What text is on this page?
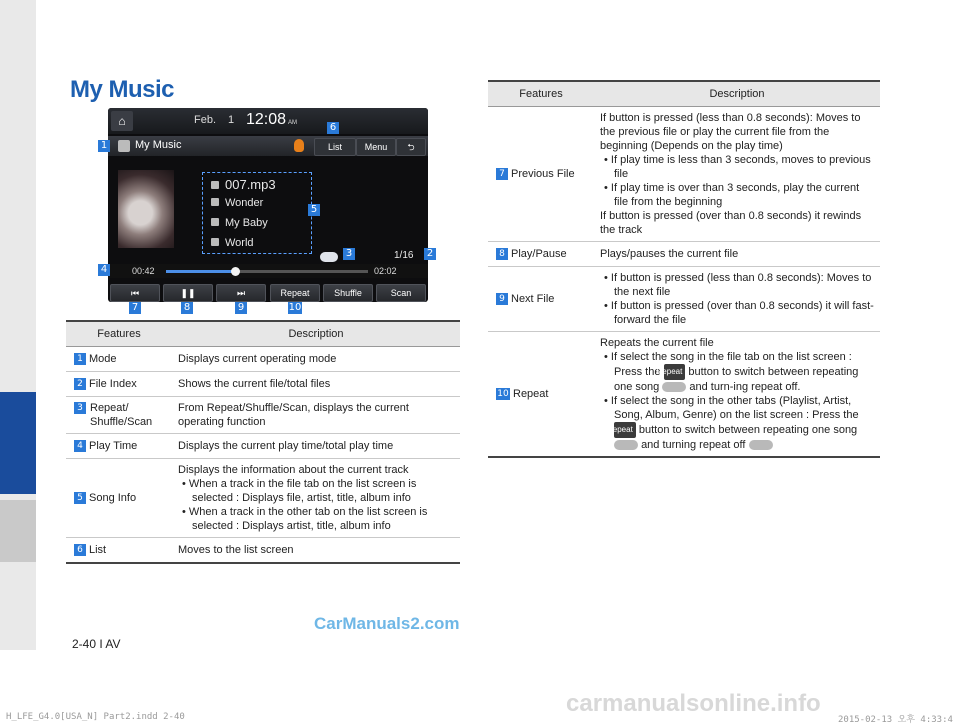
My Music
⌂	Feb. 1 12:08 AM
My Music	List	Menu	⮌
007.mp3
Wonder
My Baby
World
1/16
00:42	02:02
⏮	❚❚	⏭	Repeat	Shuffle	Scan
1
2
3
4
5
6
7	8	9	10
Features	Description
1 Mode	Displays current operating mode
2 File Index	Shows the current file/total files

3 Repeat/ Shuffle/Scan	From Repeat/Shuffle/Scan, displays the current operating function
4 Play Time	Displays the current play time/total play time
5 Song Info	Displays the information about the current track
• When a track in the file tab on the list screen is selected : Displays file, artist, title, album info
• When a track in the other tab on the list screen is selected : Displays artist, title, album info

6 List	Moves to the list screen
Features	Description
7 Previous File	If button is pressed (less than 0.8 seconds): Moves to the previous file or play the current file from the beginning (Depends on the play time)
• If play time is less than 3 seconds, moves to previous file
• If play time is over than 3 seconds, play the current file from the beginning
If button is pressed (over than 0.8 seconds) it rewinds the track

8 Play/Pause	Plays/pauses the current file
9 Next File	• If button is pressed (less than 0.8 seconds): Moves to the next file
• If button is pressed (over than 0.8 seconds) it will fast-forward the file

10 Repeat	Repeats the current file
• If select the song in the file tab on the list screen : Press the Repeat button to switch between repeating one song and turn-ing repeat off.
• If select the song in the other tabs (Playlist, Artist, Song, Album, Genre) on the list screen : Press the Repeat button to switch between repeating one song  and turning repeat off
CarManuals2.com
2-40 I AV
carmanualsonline.info
H_LFE_G4.0[USA_N] Part2.indd 2-40	2015-02-13 오후 4:33:4
